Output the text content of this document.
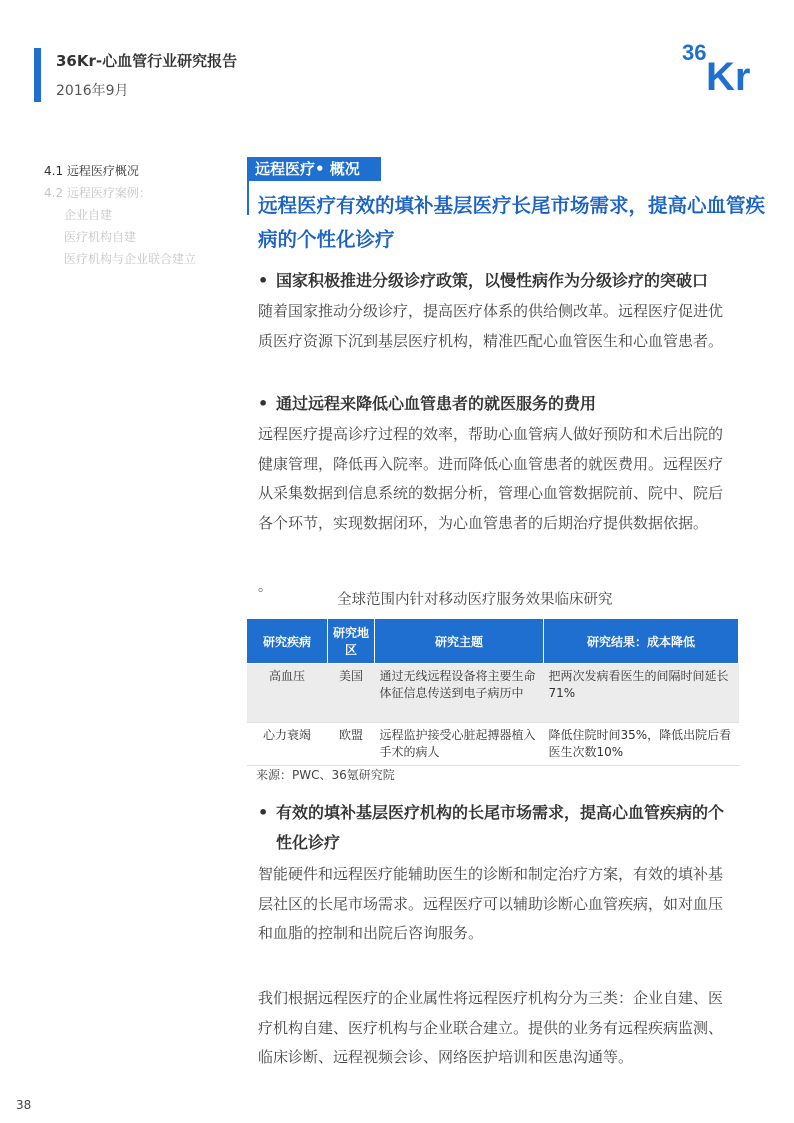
36Kr-心血管行业研究报告
2016年9月
36
Kr
4.1 远程医疗概况
4.2 远程医疗案例：
企业自建
医疗机构自建
医疗机构与企业联合建立
远程医疗• 概况
远程医疗有效的填补基层医疗长尾市场需求，提高心血管疾病的个性化诊疗
• 国家积极推进分级诊疗政策，以慢性病作为分级诊疗的突破口
随着国家推动分级诊疗，提高医疗体系的供给侧改革。远程医疗促进优质医疗资源下沉到基层医疗机构，精准匹配心血管医生和心血管患者。
• 通过远程来降低心血管患者的就医服务的费用
远程医疗提高诊疗过程的效率，帮助心血管病人做好预防和术后出院的健康管理，降低再入院率。进而降低心血管患者的就医费用。远程医疗从采集数据到信息系统的数据分析，管理心血管数据院前、院中、院后各个环节，实现数据闭环，为心血管患者的后期治疗提供数据依据。
。
全球范围内针对移动医疗服务效果临床研究
研究疾病	研究地区	研究主题	研究结果：成本降低
高血压	美国	通过无线远程设备将主要生命体征信息传送到电子病历中	把两次发病看医生的间隔时间延长71%
心力衰竭	欧盟	远程监护接受心脏起搏器植入手术的病人	降低住院时间35%，降低出院后看医生次数10%
来源：PWC、36氪研究院
• 有效的填补基层医疗机构的长尾市场需求，提高心血管疾病的个性化诊疗
智能硬件和远程医疗能辅助医生的诊断和制定治疗方案，有效的填补基层社区的长尾市场需求。远程医疗可以辅助诊断心血管疾病，如对血压和血脂的控制和出院后咨询服务。
我们根据远程医疗的企业属性将远程医疗机构分为三类：企业自建、医疗机构自建、医疗机构与企业联合建立。提供的业务有远程疾病监测、临床诊断、远程视频会诊、网络医护培训和医患沟通等。
38
